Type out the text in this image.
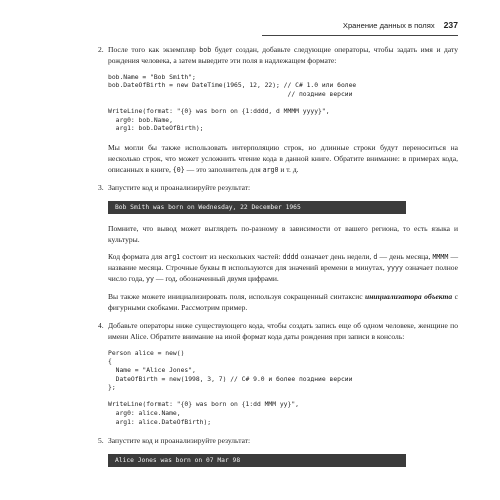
Хранение данных в полях 237
2. После того как экземпляр bob будет создан, добавьте следующие операторы, чтобы задать имя и дату рождения человека, а затем выведите эти поля в надлежащем формате:

bob.Name = "Bob Smith";
bob.DateOfBirth = new DateTime(1965, 12, 22); // C# 1.0 или более
// поздние версии

WriteLine(format: "{0} was born on {1:dddd, d MMMM yyyy}",
arg0: bob.Name,
arg1: bob.DateOfBirth);

Мы могли бы также использовать интерполяцию строк, но длинные строки будут переноситься на несколько строк, что может усложнить чтение кода в данной книге. Обратите внимание: в примерах кода, описанных в книге, {0} — это заполнитель для arg0 и т. д.

3. Запустите код и проанализируйте результат:

Bob Smith was born on Wednesday, 22 December 1965

Помните, что вывод может выглядеть по-разному в зависимости от вашего региона, то есть языка и культуры.

Код формата для arg1 состоит из нескольких частей: dddd означает день недели, d — день месяца, MMMM — название месяца. Строчные буквы m используются для значений времени в минутах, yyyy означает полное число года, yy — год, обозначенный двумя цифрами.

Вы также можете инициализировать поля, используя сокращенный синтаксис инициализатора объекта с фигурными скобками. Рассмотрим пример.

4. Добавьте операторы ниже существующего кода, чтобы создать запись еще об одном человеке, женщине по имени Alice. Обратите внимание на иной формат кода даты рождения при записи в консоль:

Person alice = new()
{
Name = "Alice Jones",
DateOfBirth = new(1998, 3, 7) // C# 9.0 и более поздние версии
};

WriteLine(format: "{0} was born on {1:dd MMM yy}",
arg0: alice.Name,
arg1: alice.DateOfBirth);
5. Запустите код и проанализируйте результат:

Alice Jones was born on 07 Mar 98
